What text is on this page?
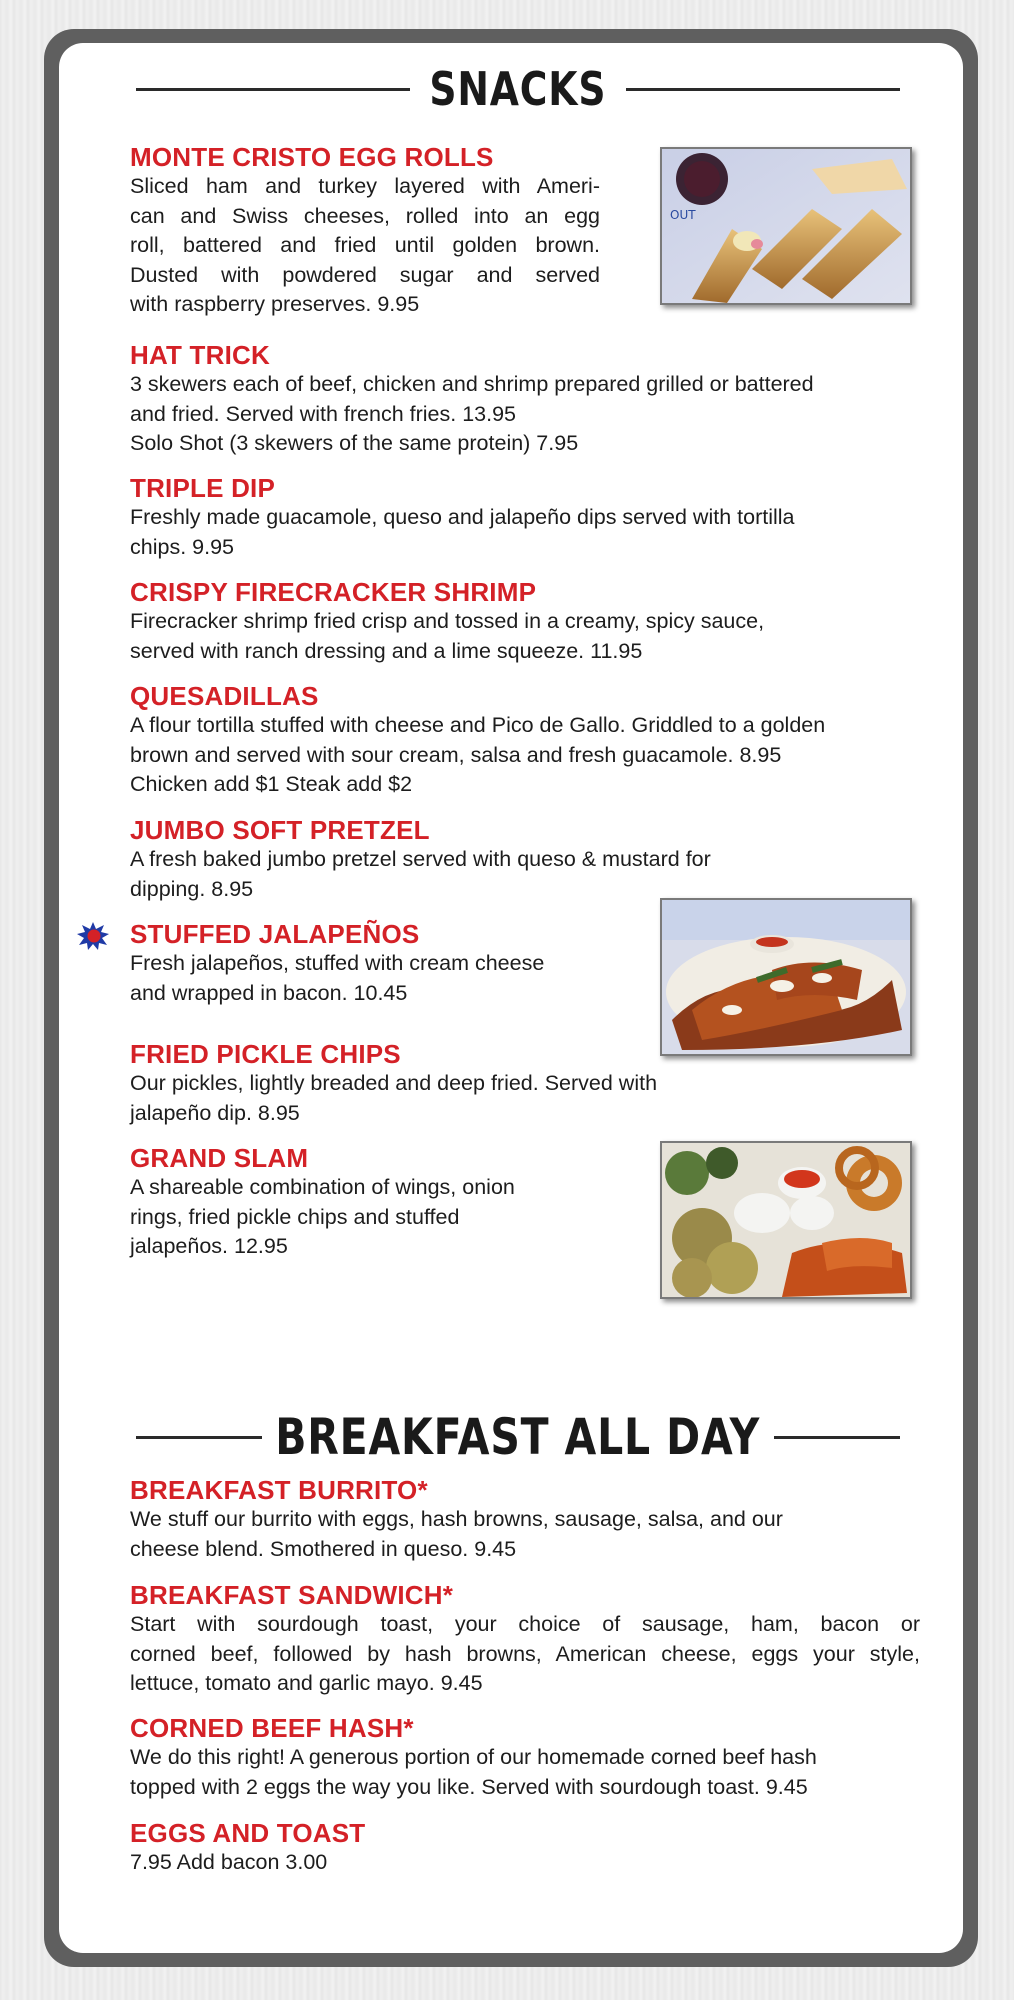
SNACKS
MONTE CRISTO EGG ROLLS

Sliced ham and turkey layered with Ameri-
can and Swiss cheeses, rolled into an egg
roll, battered and fried until golden brown.
Dusted with powdered sugar and served
with raspberry preserves. 9.95

OUT
HAT TRICK

3 skewers each of beef, chicken and shrimp prepared grilled or battered
and fried. Served with french fries. 13.95
Solo Shot (3 skewers of the same protein) 7.95

TRIPLE DIP

Freshly made guacamole, queso and jalapeño dips served with tortilla
chips. 9.95

CRISPY FIRECRACKER SHRIMP

Firecracker shrimp fried crisp and tossed in a creamy, spicy sauce,
served with ranch dressing and a lime squeeze. 11.95

QUESADILLAS

A flour tortilla stuffed with cheese and Pico de Gallo. Griddled to a golden
brown and served with sour cream, salsa and fresh guacamole. 8.95
Chicken add $1 Steak add $2

JUMBO SOFT PRETZEL

A fresh baked jumbo pretzel served with queso & mustard for
dipping. 8.95

STUFFED JALAPEÑOS

Fresh jalapeños, stuffed with cream cheese
and wrapped in bacon. 10.45

FRIED PICKLE CHIPS

Our pickles, lightly breaded and deep fried. Served with
jalapeño dip. 8.95

GRAND SLAM

A shareable combination of wings, onion
rings, fried pickle chips and stuffed
jalapeños. 12.95

BREAKFAST ALL DAY
BREAKFAST BURRITO*

We stuff our burrito with eggs, hash browns, sausage, salsa, and our
cheese blend. Smothered in queso. 9.45

BREAKFAST SANDWICH*

Start with sourdough toast, your choice of sausage, ham, bacon or
corned beef, followed by hash browns, American cheese, eggs your style,
lettuce, tomato and garlic mayo. 9.45

CORNED BEEF HASH*

We do this right! A generous portion of our homemade corned beef hash
topped with 2 eggs the way you like. Served with sourdough toast. 9.45

EGGS AND TOAST

7.95 Add bacon 3.00
